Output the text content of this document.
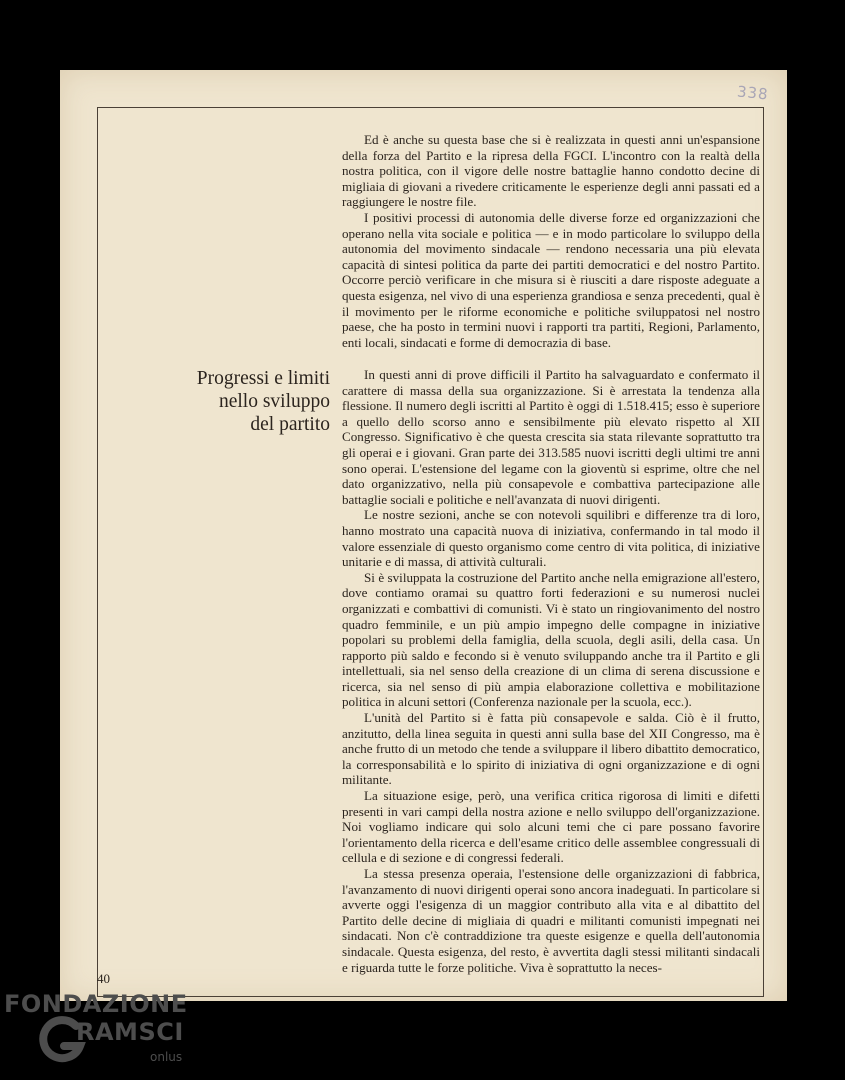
338

Ed è anche su questa base che si è realizzata in questi anni un'espansione della forza del Partito e la ripresa della FGCI. L'incontro con la realtà della nostra politica, con il vigore delle nostre battaglie hanno condotto decine di migliaia di giovani a rivedere criticamente le esperienze degli anni passati ed a raggiungere le nostre file.

I positivi processi di autonomia delle diverse forze ed organizzazioni che operano nella vita sociale e politica — e in modo particolare lo sviluppo della autonomia del movimento sindacale — rendono necessaria una più elevata capacità di sintesi politica da parte dei partiti democratici e del nostro Partito. Occorre perciò verificare in che misura si è riusciti a dare risposte adeguate a questa esigenza, nel vivo di una esperienza grandiosa e senza precedenti, qual è il movimento per le riforme economiche e politiche sviluppatosi nel nostro paese, che ha posto in termini nuovi i rapporti tra partiti, Regioni, Parlamento, enti locali, sindacati e forme di democrazia di base.

Progressi e limiti
nello sviluppo
del partito

In questi anni di prove difficili il Partito ha salvaguardato e confermato il carattere di massa della sua organizzazione. Si è arrestata la tendenza alla flessione. Il numero degli iscritti al Partito è oggi di 1.518.415; esso è superiore a quello dello scorso anno e sensibilmente più elevato rispetto al XII Congresso. Significativo è che questa crescita sia stata rilevante soprattutto tra gli operai e i giovani. Gran parte dei 313.585 nuovi iscritti degli ultimi tre anni sono operai. L'estensione del legame con la gioventù si esprime, oltre che nel dato organizzativo, nella più consapevole e combattiva partecipazione alle battaglie sociali e politiche e nell'avanzata di nuovi dirigenti.

Le nostre sezioni, anche se con notevoli squilibri e differenze tra di loro, hanno mostrato una capacità nuova di iniziativa, confermando in tal modo il valore essenziale di questo organismo come centro di vita politica, di iniziative unitarie e di massa, di attività culturali.

Si è sviluppata la costruzione del Partito anche nella emigrazione all'estero, dove contiamo oramai su quattro forti federazioni e su numerosi nuclei organizzati e combattivi di comunisti. Vi è stato un ringiovanimento del nostro quadro femminile, e un più ampio impegno delle compagne in iniziative popolari su problemi della famiglia, della scuola, degli asili, della casa. Un rapporto più saldo e fecondo si è venuto sviluppando anche tra il Partito e gli intellettuali, sia nel senso della creazione di un clima di serena discussione e ricerca, sia nel senso di più ampia elaborazione collettiva e mobilitazione politica in alcuni settori (Conferenza nazionale per la scuola, ecc.).

L'unità del Partito si è fatta più consapevole e salda. Ciò è il frutto, anzitutto, della linea seguita in questi anni sulla base del XII Congresso, ma è anche frutto di un metodo che tende a sviluppare il libero dibattito democratico, la corresponsabilità e lo spirito di iniziativa di ogni organizzazione e di ogni militante.

La situazione esige, però, una verifica critica rigorosa di limiti e difetti presenti in vari campi della nostra azione e nello sviluppo dell'organizzazione. Noi vogliamo indicare qui solo alcuni temi che ci pare possano favorire l'orientamento della ricerca e dell'esame critico delle assemblee congressuali di cellula e di sezione e di congressi federali.

La stessa presenza operaia, l'estensione delle organizzazioni di fabbrica, l'avanzamento di nuovi dirigenti operai sono ancora inadeguati. In particolare si avverte oggi l'esigenza di un maggior contributo alla vita e al dibattito del Partito delle decine di migliaia di quadri e militanti comunisti impegnati nei sindacati. Non c'è contraddizione tra queste esigenze e quella dell'autonomia sindacale. Questa esigenza, del resto, è avvertita dagli stessi militanti sindacali e riguarda tutte le forze politiche. Viva è soprattutto la neces-

40
FONDAZIONE
RAMSCI
onlus
